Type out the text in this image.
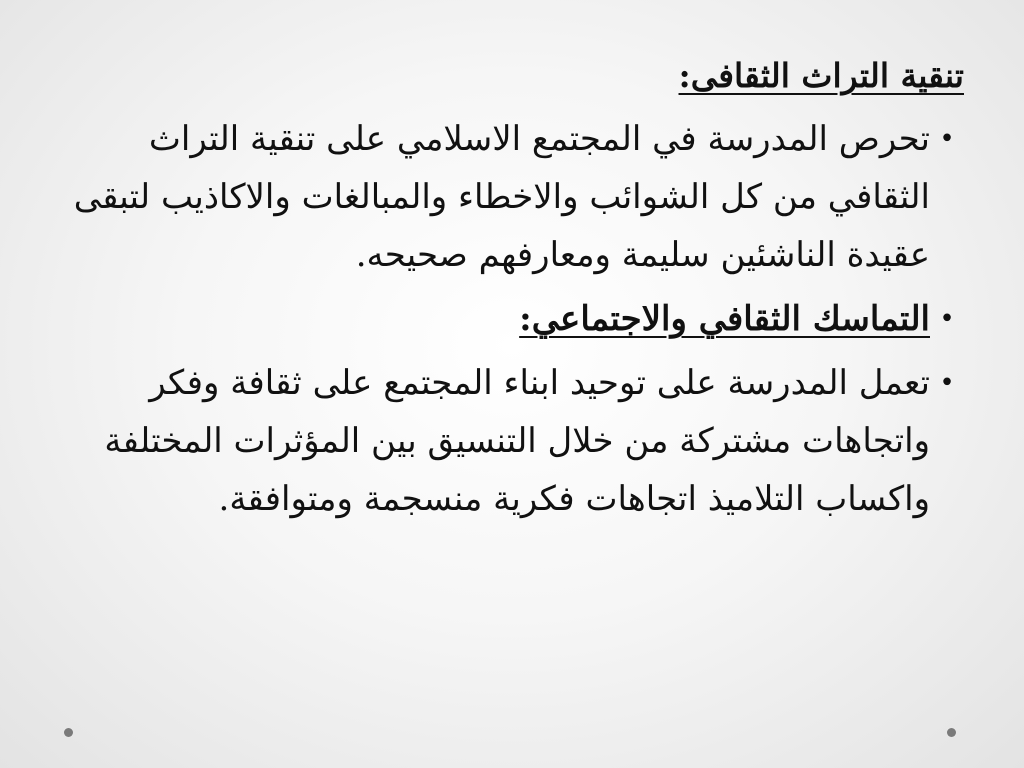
تنقية التراث الثقافى:
•
تحرص المدرسة في المجتمع الاسلامي على تنقية التراث الثقافي من كل الشوائب والاخطاء والمبالغات والاكاذيب لتبقى عقيدة الناشئين سليمة ومعارفهم صحيحه.
•
التماسك الثقافي والاجتماعي:
•
تعمل المدرسة على توحيد ابناء المجتمع على ثقافة وفكر واتجاهات مشتركة من خلال التنسيق بين المؤثرات المختلفة واكساب التلاميذ اتجاهات فكرية منسجمة ومتوافقة.
